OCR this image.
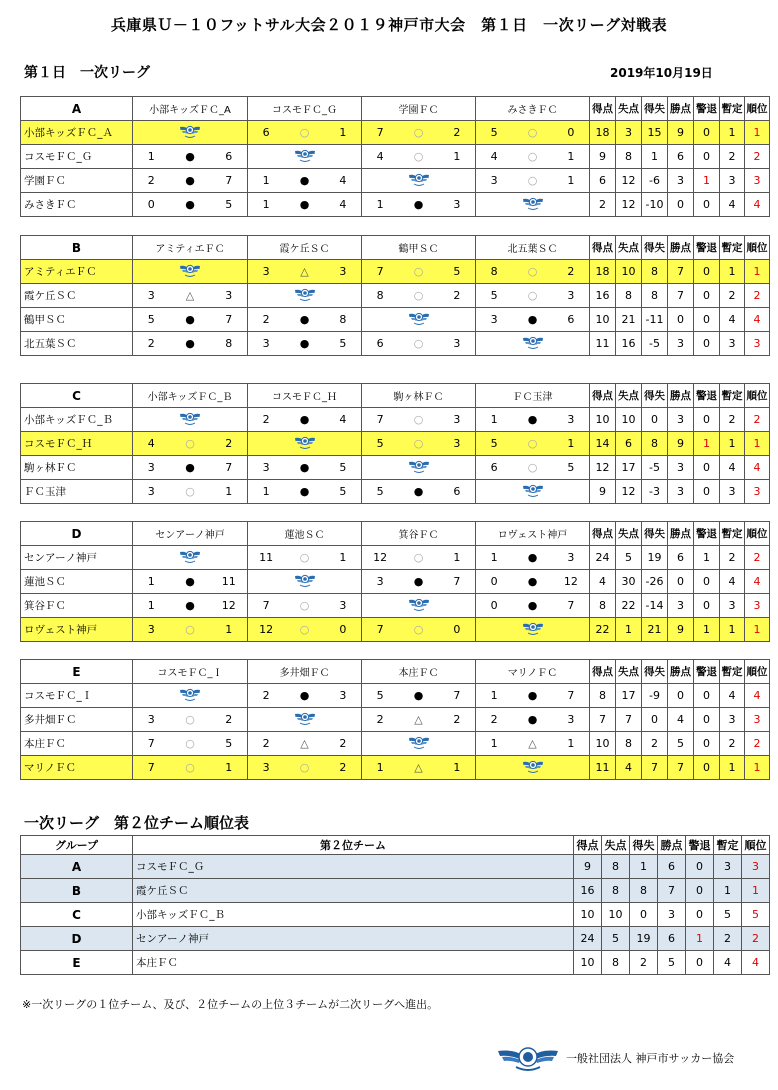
兵庫県Ｕ－１０フットサル大会２０１９神戸市大会　第１日　一次リーグ対戦表
第１日　一次リーグ	2019年10月19日
A	小部キッズＦＣ_A	コスモＦＣ_Ｇ	学園ＦＣ	みさきＦＣ	得点	失点	得失	勝点	警退	暫定	順位
小部キッズＦＣ_Ａ		6 ○ 1	7 ○ 2	5 ○ 0	18	3	15	9	0	1	1
コスモＦＣ_Ｇ	1 ● 6		4 ○ 1	4 ○ 1	9	8	1	6	0	2	2
学園ＦＣ	2 ● 7	1 ● 4		3 ○ 1	6	12	-6	3	1	3	3
みさきＦＣ	0 ● 5	1 ● 4	1 ● 3		2	12	-10	0	0	4	4
B	アミティエＦＣ	霞ケ丘ＳＣ	鶴甲ＳＣ	北五葉ＳＣ	得点	失点	得失	勝点	警退	暫定	順位
アミティエＦＣ		3 △ 3	7 ○ 5	8 ○ 2	18	10	8	7	0	1	1
霞ケ丘ＳＣ	3 △ 3		8 ○ 2	5 ○ 3	16	8	8	7	0	2	2
鶴甲ＳＣ	5 ● 7	2 ● 8		3 ● 6	10	21	-11	0	0	4	4
北五葉ＳＣ	2 ● 8	3 ● 5	6 ○ 3		11	16	-5	3	0	3	3
C	小部キッズＦＣ_Ｂ	コスモＦＣ_Ｈ	駒ヶ林ＦＣ	ＦＣ玉津	得点	失点	得失	勝点	警退	暫定	順位
小部キッズＦＣ_Ｂ		2 ● 4	7 ○ 3	1 ● 3	10	10	0	3	0	2	2
コスモＦＣ_Ｈ	4 ○ 2		5 ○ 3	5 ○ 1	14	6	8	9	1	1	1
駒ヶ林ＦＣ	3 ● 7	3 ● 5		6 ○ 5	12	17	-5	3	0	4	4
ＦＣ玉津	3 ○ 1	1 ● 5	5 ● 6		9	12	-3	3	0	3	3
D	センアーノ神戸	蓮池ＳＣ	箕谷ＦＣ	ロヴェスト神戸	得点	失点	得失	勝点	警退	暫定	順位
センアーノ神戸		11 ○ 1	12 ○ 1	1 ● 3	24	5	19	6	1	2	2
蓮池ＳＣ	1 ● 11		3 ● 7	0 ● 12	4	30	-26	0	0	4	4
箕谷ＦＣ	1 ● 12	7 ○ 3		0 ● 7	8	22	-14	3	0	3	3
ロヴェスト神戸	3 ○ 1	12 ○ 0	7 ○ 0		22	1	21	9	1	1	1
E	コスモＦＣ_Ｉ	多井畑ＦＣ	本庄ＦＣ	マリノＦＣ	得点	失点	得失	勝点	警退	暫定	順位
コスモＦＣ_Ｉ		2 ● 3	5 ● 7	1 ● 7	8	17	-9	0	0	4	4
多井畑ＦＣ	3 ○ 2		2 △ 2	2 ● 3	7	7	0	4	0	3	3
本庄ＦＣ	7 ○ 5	2 △ 2		1 △ 1	10	8	2	5	0	2	2
マリノＦＣ	7 ○ 1	3 ○ 2	1 △ 1		11	4	7	7	0	1	1
一次リーグ　第２位チーム順位表
グループ	第２位チーム	得点	失点	得失	勝点	警退	暫定	順位
A	コスモＦＣ_Ｇ	9	8	1	6	0	3	3
B	霞ケ丘ＳＣ	16	8	8	7	0	1	1
C	小部キッズＦＣ_Ｂ	10	10	0	3	0	5	5
D	センアーノ神戸	24	5	19	6	1	2	2
E	本庄ＦＣ	10	8	2	5	0	4	4
※一次リーグの１位チーム、及び、２位チームの上位３チームが二次リーグへ進出。
一般社団法人 神戸市サッカー協会
